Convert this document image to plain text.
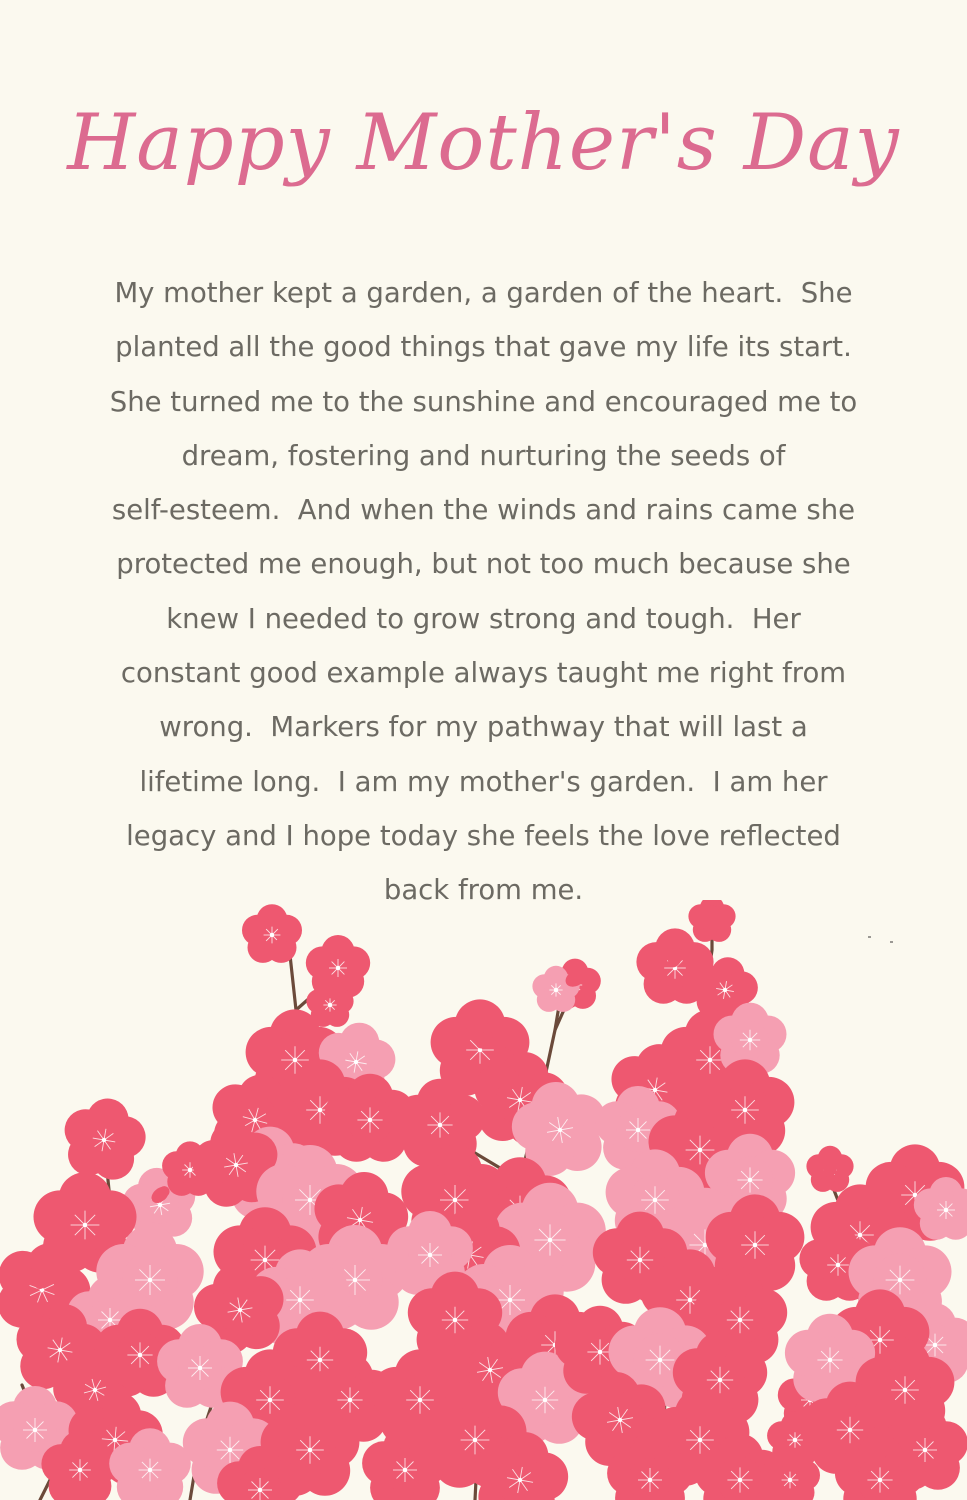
Happy Mother's Day
My mother kept a garden, a garden of the heart.  She
planted all the good things that gave my life its start.
She turned me to the sunshine and encouraged me to
dream, fostering and nurturing the seeds of
self-esteem.  And when the winds and rains came she
protected me enough, but not too much because she
knew I needed to grow strong and tough.  Her
constant good example always taught me right from
wrong.  Markers for my pathway that will last a
lifetime long.  I am my mother's garden.  I am her
legacy and I hope today she feels the love reflected
back from me.
